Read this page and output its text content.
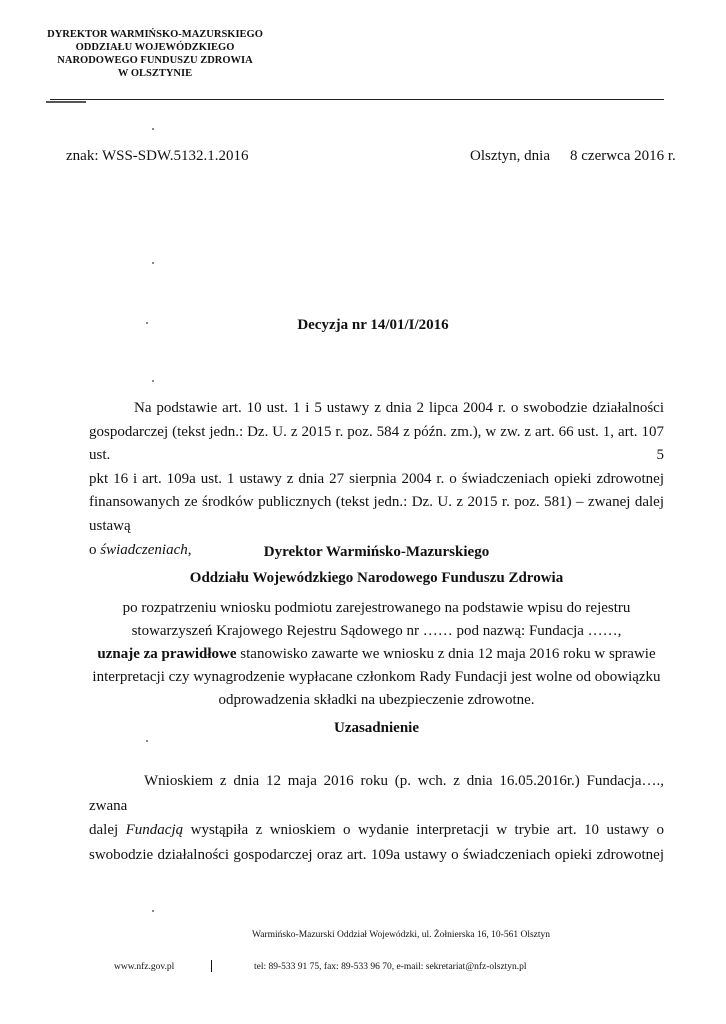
DYREKTOR WARMIŃSKO-MAZURSKIEGO
ODDZIAŁU WOJEWÓDZKIEGO
NARODOWEGO FUNDUSZU ZDROWIA
W OLSZTYNIE
znak: WSS-SDW.5132.1.2016	Olsztyn, dnia 8 czerwca 2016 r.
Decyzja nr 14/01/I/2016
Na podstawie art. 10 ust. 1 i 5 ustawy z dnia 2 lipca 2004 r. o swobodzie działalności
gospodarczej (tekst jedn.: Dz. U. z 2015 r. poz. 584 z późn. zm.), w zw. z art. 66 ust. 1, art. 107 ust. 5
pkt 16 i art. 109a ust. 1 ustawy z dnia 27 sierpnia 2004 r. o świadczeniach opieki zdrowotnej
finansowanych ze środków publicznych (tekst jedn.: Dz. U. z 2015 r. poz. 581) – zwanej dalej ustawą
o świadczeniach,	Dyrektor Warmińsko-Mazurskiego
Oddziału Wojewódzkiego Narodowego Funduszu Zdrowia
po rozpatrzeniu wniosku podmiotu zarejestrowanego na podstawie wpisu do rejestru
stowarzyszeń Krajowego Rejestru Sądowego nr …… pod nazwą: Fundacja ……,
uznaje za prawidłowe stanowisko zawarte we wniosku z dnia 12 maja 2016 roku w sprawie
interpretacji czy wynagrodzenie wypłacane członkom Rady Fundacji jest wolne od obowiązku
odprowadzenia składki na ubezpieczenie zdrowotne.
Uzasadnienie
Wnioskiem z dnia 12 maja 2016 roku (p. wch. z dnia 16.05.2016r.) Fundacja…., zwana
dalej Fundacją wystąpiła z wnioskiem o wydanie interpretacji w trybie art. 10 ustawy o
swobodzie działalności gospodarczej oraz art. 109a ustawy o świadczeniach opieki zdrowotnej
Warmińsko-Mazurski Oddział Wojewódzki, ul. Żołnierska 16, 10-561 Olsztyn
www.nfz.gov.pl	tel: 89-533 91 75, fax: 89-533 96 70, e-mail: sekretariat@nfz-olsztyn.pl
